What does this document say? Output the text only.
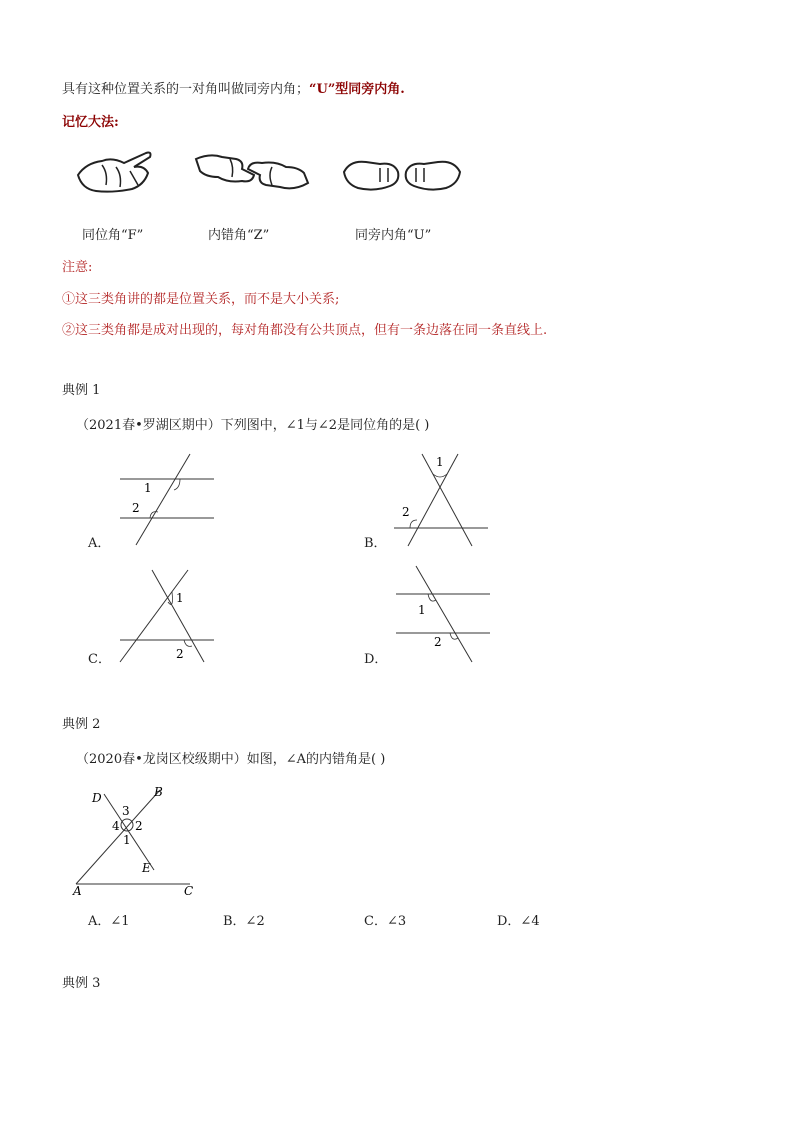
具有这种位置关系的一对角叫做同旁内角；“U”型同旁内角.
记忆大法:
同位角“F”	内错角“Z”	同旁内角“U”
注意:
①这三类角讲的都是位置关系，而不是大小关系;
②这三类角都是成对出现的，每对角都没有公共顶点，但有一条边落在同一条直线上.
典例 1
（2021春•罗湖区期中）下列图中，∠1与∠2是同位角的是( )
1
2
A．
1
2
B．
1
2
C．
1
2
D．
典例 2
（2020春•龙岗区校级期中）如图，∠A的内错角是( )
D	B
3
4 2
1
E
A	C
A．∠1	B．∠2	C．∠3	D．∠4
典例 3
